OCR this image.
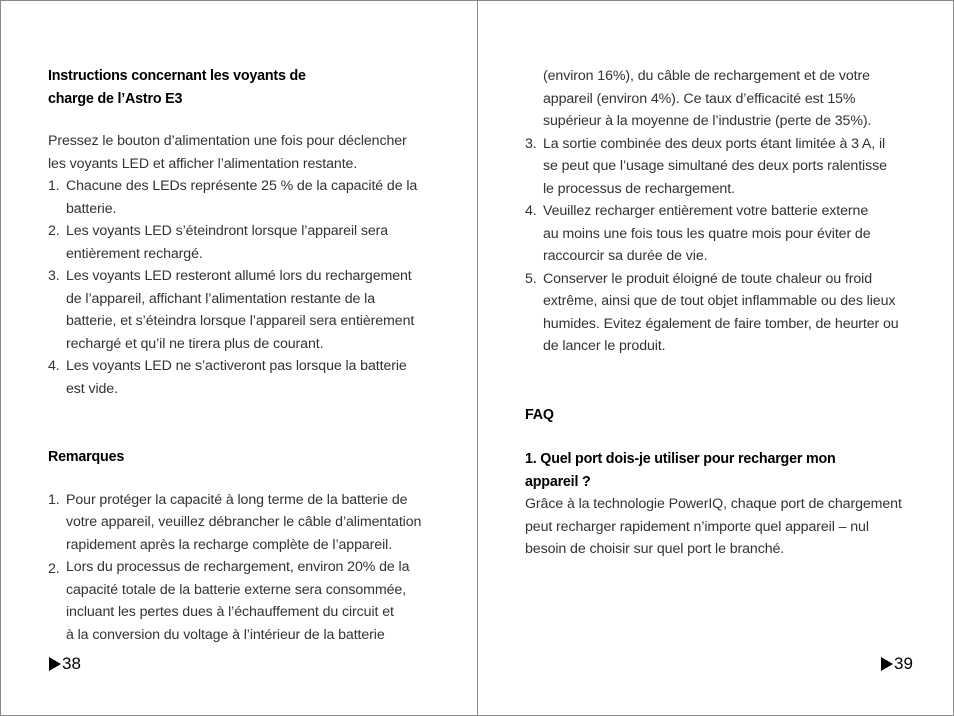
Instructions concernant les voyants de
charge de l’Astro E3
Pressez le bouton d’alimentation une fois pour déclencher
les voyants LED et afficher l’alimentation restante.
1. Chacune des LEDs représente 25 % de la capacité de la
batterie.
2. Les voyants LED s’éteindront lorsque l’appareil sera
entièrement rechargé.
3. Les voyants LED resteront allumé lors du rechargement
de l’appareil, affichant l’alimentation restante de la
batterie, et s’éteindra lorsque l’appareil sera entièrement
rechargé et qu’il ne tirera plus de courant.
4. Les voyants LED ne s’activeront pas lorsque la batterie
est vide.
Remarques
1. Pour protéger la capacité à long terme de la batterie de
votre appareil, veuillez débrancher le câble d’alimentation
rapidement après la recharge complète de l’appareil.
2. Lors du processus de rechargement, environ 20% de la
capacité totale de la batterie externe sera consommée,
incluant les pertes dues à l’échauffement du circuit et
à la conversion du voltage à l’intérieur de la batterie
38
(environ 16%), du câble de rechargement et de votre
appareil (environ 4%). Ce taux d’efficacité est 15%
supérieur à la moyenne de l’industrie (perte de 35%).
3. La sortie combinée des deux ports étant limitée à 3 A, il
se peut que l’usage simultané des deux ports ralentisse
le processus de rechargement.
4. Veuillez recharger entièrement votre batterie externe
au moins une fois tous les quatre mois pour éviter de
raccourcir sa durée de vie.
5. Conserver le produit éloigné de toute chaleur ou froid
extrême, ainsi que de tout objet inflammable ou des lieux
humides. Evitez également de faire tomber, de heurter ou
de lancer le produit.
FAQ
1. Quel port dois-je utiliser pour recharger mon
appareil ?
Grâce à la technologie PowerIQ, chaque port de chargement
peut recharger rapidement n’importe quel appareil – nul
besoin de choisir sur quel port le branché.
39
